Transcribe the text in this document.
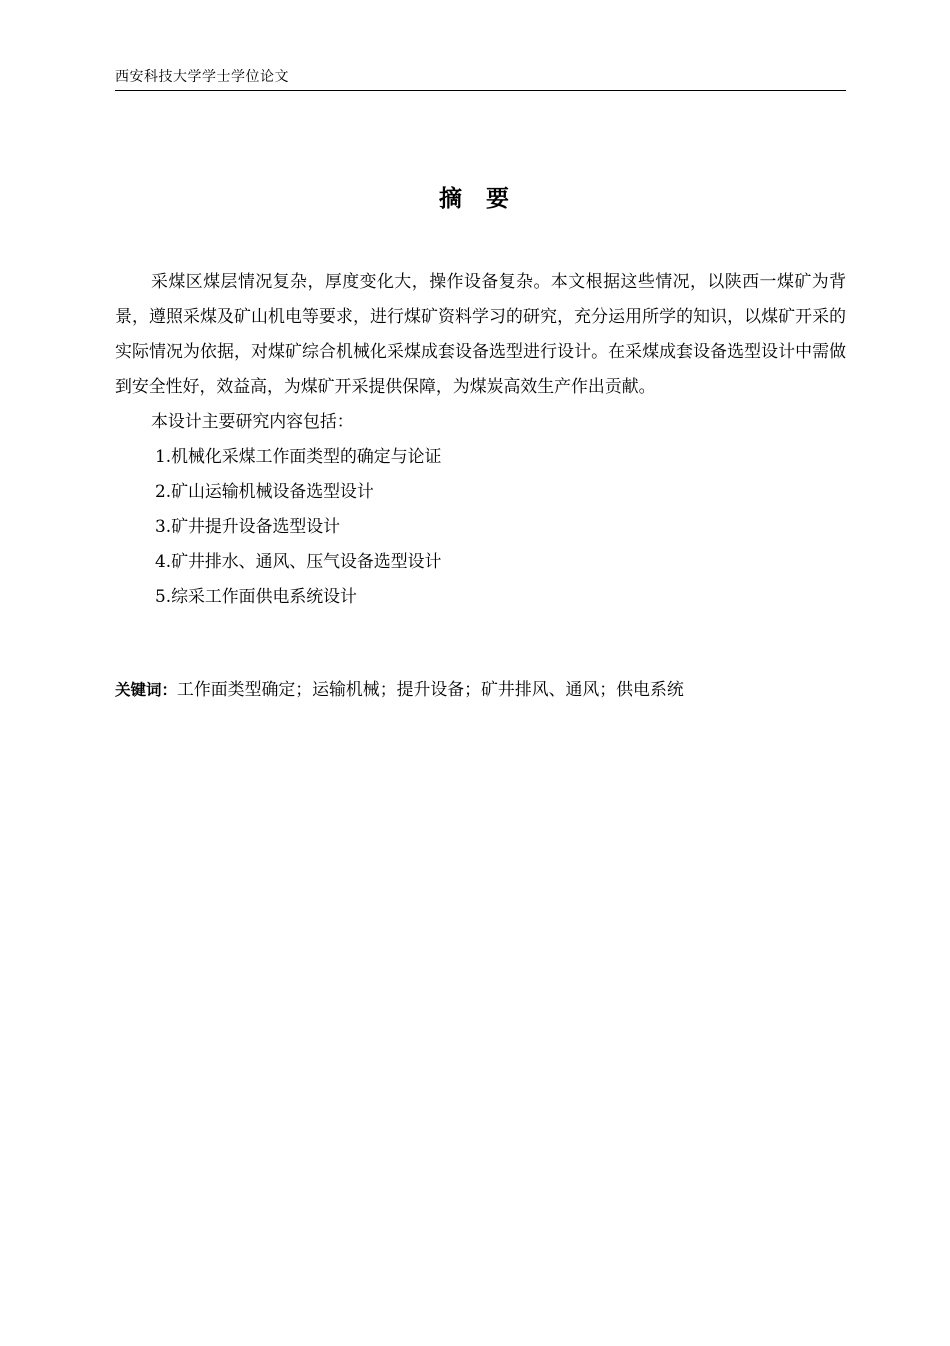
西安科技大学学士学位论文
摘 要

采煤区煤层情况复杂，厚度变化大，操作设备复杂。本文根据这些情况，以陕西一煤矿为背景，遵照采煤及矿山机电等要求，进行煤矿资料学习的研究，充分运用所学的知识，以煤矿开采的实际情况为依据，对煤矿综合机械化采煤成套设备选型进行设计。在采煤成套设备选型设计中需做到安全性好，效益高，为煤矿开采提供保障，为煤炭高效生产作出贡献。

本设计主要研究内容包括：

1.机械化采煤工作面类型的确定与论证

2.矿山运输机械设备选型设计

3.矿井提升设备选型设计

4.矿井排水、通风、压气设备选型设计

5.综采工作面供电系统设计

关键词：工作面类型确定；运输机械；提升设备；矿井排风、通风；供电系统
